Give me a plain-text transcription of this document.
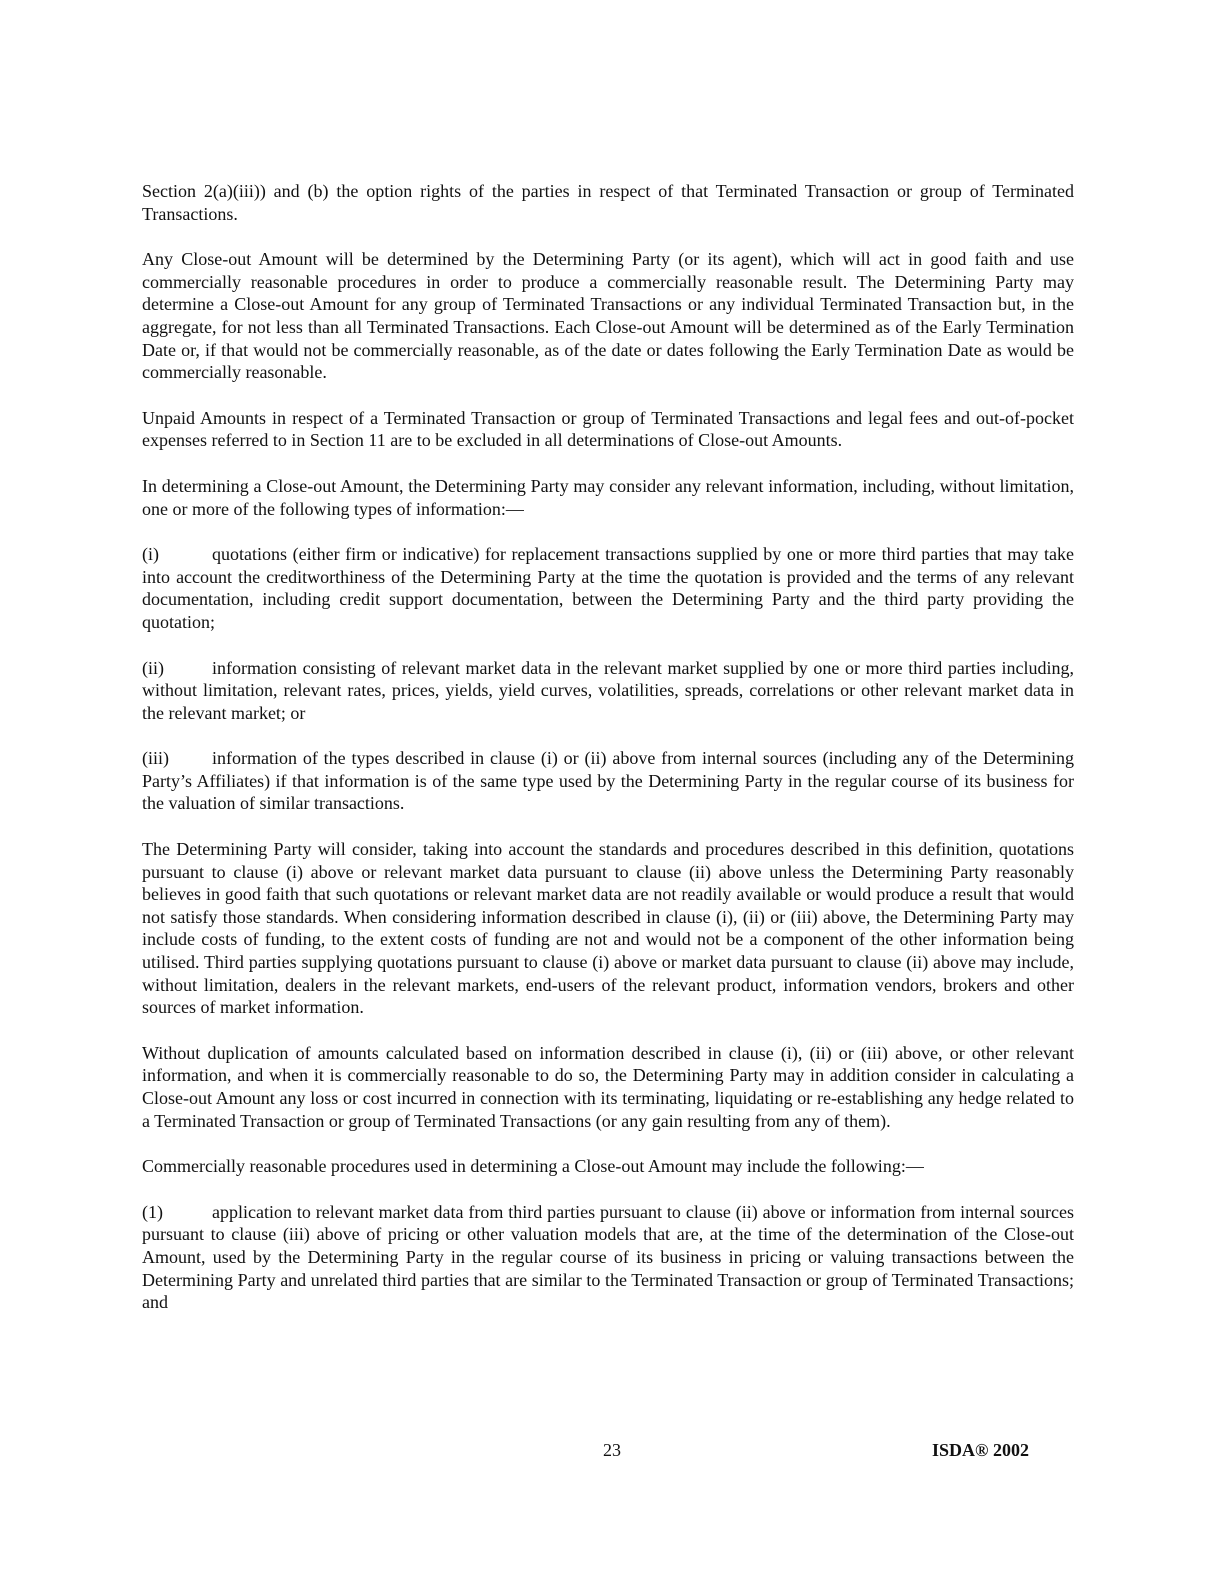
Section 2(a)(iii)) and (b) the option rights of the parties in respect of that Terminated Transaction or group of Terminated Transactions.

Any Close-out Amount will be determined by the Determining Party (or its agent), which will act in good faith and use commercially reasonable procedures in order to produce a commercially reasonable result. The Determining Party may determine a Close-out Amount for any group of Terminated Transactions or any individual Terminated Transaction but, in the aggregate, for not less than all Terminated Transactions. Each Close-out Amount will be determined as of the Early Termination Date or, if that would not be commercially reasonable, as of the date or dates following the Early Termination Date as would be commercially reasonable.

Unpaid Amounts in respect of a Terminated Transaction or group of Terminated Transactions and legal fees and out-of-pocket expenses referred to in Section 11 are to be excluded in all determinations of Close-out Amounts.

In determining a Close-out Amount, the Determining Party may consider any relevant information, including, without limitation, one or more of the following types of information:—

(i)	quotations (either firm or indicative) for replacement transactions supplied by one or more third parties that may take into account the creditworthiness of the Determining Party at the time the quotation is provided and the terms of any relevant documentation, including credit support documentation, between the Determining Party and the third party providing the quotation;

(ii)	information consisting of relevant market data in the relevant market supplied by one or more third parties including, without limitation, relevant rates, prices, yields, yield curves, volatilities, spreads, correlations or other relevant market data in the relevant market; or

(iii) information of the types described in clause (i) or (ii) above from internal sources (including any of the Determining Party’s Affiliates) if that information is of the same type used by the Determining Party in the regular course of its business for the valuation of similar transactions.

The Determining Party will consider, taking into account the standards and procedures described in this definition, quotations pursuant to clause (i) above or relevant market data pursuant to clause (ii) above unless the Determining Party reasonably believes in good faith that such quotations or relevant market data are not readily available or would produce a result that would not satisfy those standards. When considering information described in clause (i), (ii) or (iii) above, the Determining Party may include costs of funding, to the extent costs of funding are not and would not be a component of the other information being utilised. Third parties supplying quotations pursuant to clause (i) above or market data pursuant to clause (ii) above may include, without limitation, dealers in the relevant markets, end-users of the relevant product, information vendors, brokers and other sources of market information.

Without duplication of amounts calculated based on information described in clause (i), (ii) or (iii) above, or other relevant information, and when it is commercially reasonable to do so, the Determining Party may in addition consider in calculating a Close-out Amount any loss or cost incurred in connection with its terminating, liquidating or re-establishing any hedge related to a Terminated Transaction or group of Terminated Transactions (or any gain resulting from any of them).

Commercially reasonable procedures used in determining a Close-out Amount may include the following:—

(1)	application to relevant market data from third parties pursuant to clause (ii) above or information from internal sources pursuant to clause (iii) above of pricing or other valuation models that are, at the time of the determination of the Close-out Amount, used by the Determining Party in the regular course of its business in pricing or valuing transactions between the Determining Party and unrelated third parties that are similar to the Terminated Transaction or group of Terminated Transactions; and

23	ISDA® 2002
